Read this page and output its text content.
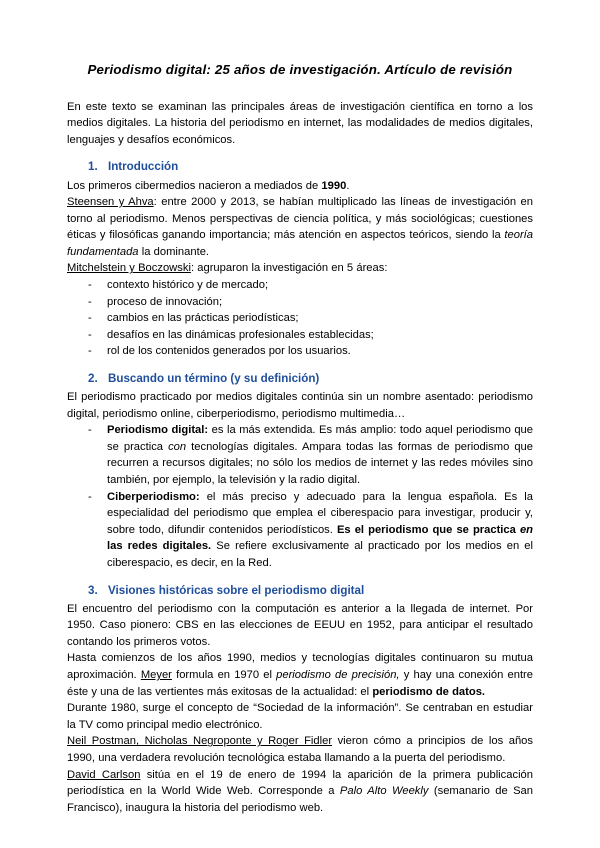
Periodismo digital: 25 años de investigación. Artículo de revisión

En este texto se examinan las principales áreas de investigación científica en torno a los medios digitales. La historia del periodismo en internet, las modalidades de medios digitales, lenguajes y desafíos económicos.

1. Introducción

Los primeros cibermedios nacieron a mediados de 1990.

Steensen y Ahva: entre 2000 y 2013, se habían multiplicado las líneas de investigación en torno al periodismo. Menos perspectivas de ciencia política, y más sociológicas; cuestiones éticas y filosóficas ganando importancia; más atención en aspectos teóricos, siendo la teoría fundamentada la dominante.

Mitchelstein y Boczowski: agruparon la investigación en 5 áreas:

- contexto histórico y de mercado;
- proceso de innovación;
- cambios en las prácticas periodísticas;
- desafíos en las dinámicas profesionales establecidas;
- rol de los contenidos generados por los usuarios.
2. Buscando un término (y su definición)

El periodismo practicado por medios digitales continúa sin un nombre asentado: periodismo digital, periodismo online, ciberperiodismo, periodismo multimedia…

- Periodismo digital: es la más extendida. Es más amplio: todo aquel periodismo que se practica con tecnologías digitales. Ampara todas las formas de periodismo que recurren a recursos digitales; no sólo los medios de internet y las redes móviles sino también, por ejemplo, la televisión y la radio digital.
- Ciberperiodismo: el más preciso y adecuado para la lengua española. Es la especialidad del periodismo que emplea el ciberespacio para investigar, producir y, sobre todo, difundir contenidos periodísticos. Es el periodismo que se practica en las redes digitales. Se refiere exclusivamente al practicado por los medios en el ciberespacio, es decir, en la Red.
3. Visiones históricas sobre el periodismo digital

El encuentro del periodismo con la computación es anterior a la llegada de internet. Por 1950. Caso pionero: CBS en las elecciones de EEUU en 1952, para anticipar el resultado contando los primeros votos.

Hasta comienzos de los años 1990, medios y tecnologías digitales continuaron su mutua aproximación. Meyer formula en 1970 el periodismo de precisión, y hay una conexión entre éste y una de las vertientes más exitosas de la actualidad: el periodismo de datos.

Durante 1980, surge el concepto de “Sociedad de la información”. Se centraban en estudiar la TV como principal medio electrónico.

Neil Postman, Nicholas Negroponte y Roger Fidler vieron cómo a principios de los años 1990, una verdadera revolución tecnológica estaba llamando a la puerta del periodismo.

David Carlson sitúa en el 19 de enero de 1994 la aparición de la primera publicación periodística en la World Wide Web. Corresponde a Palo Alto Weekly (semanario de San Francisco), inaugura la historia del periodismo web.
